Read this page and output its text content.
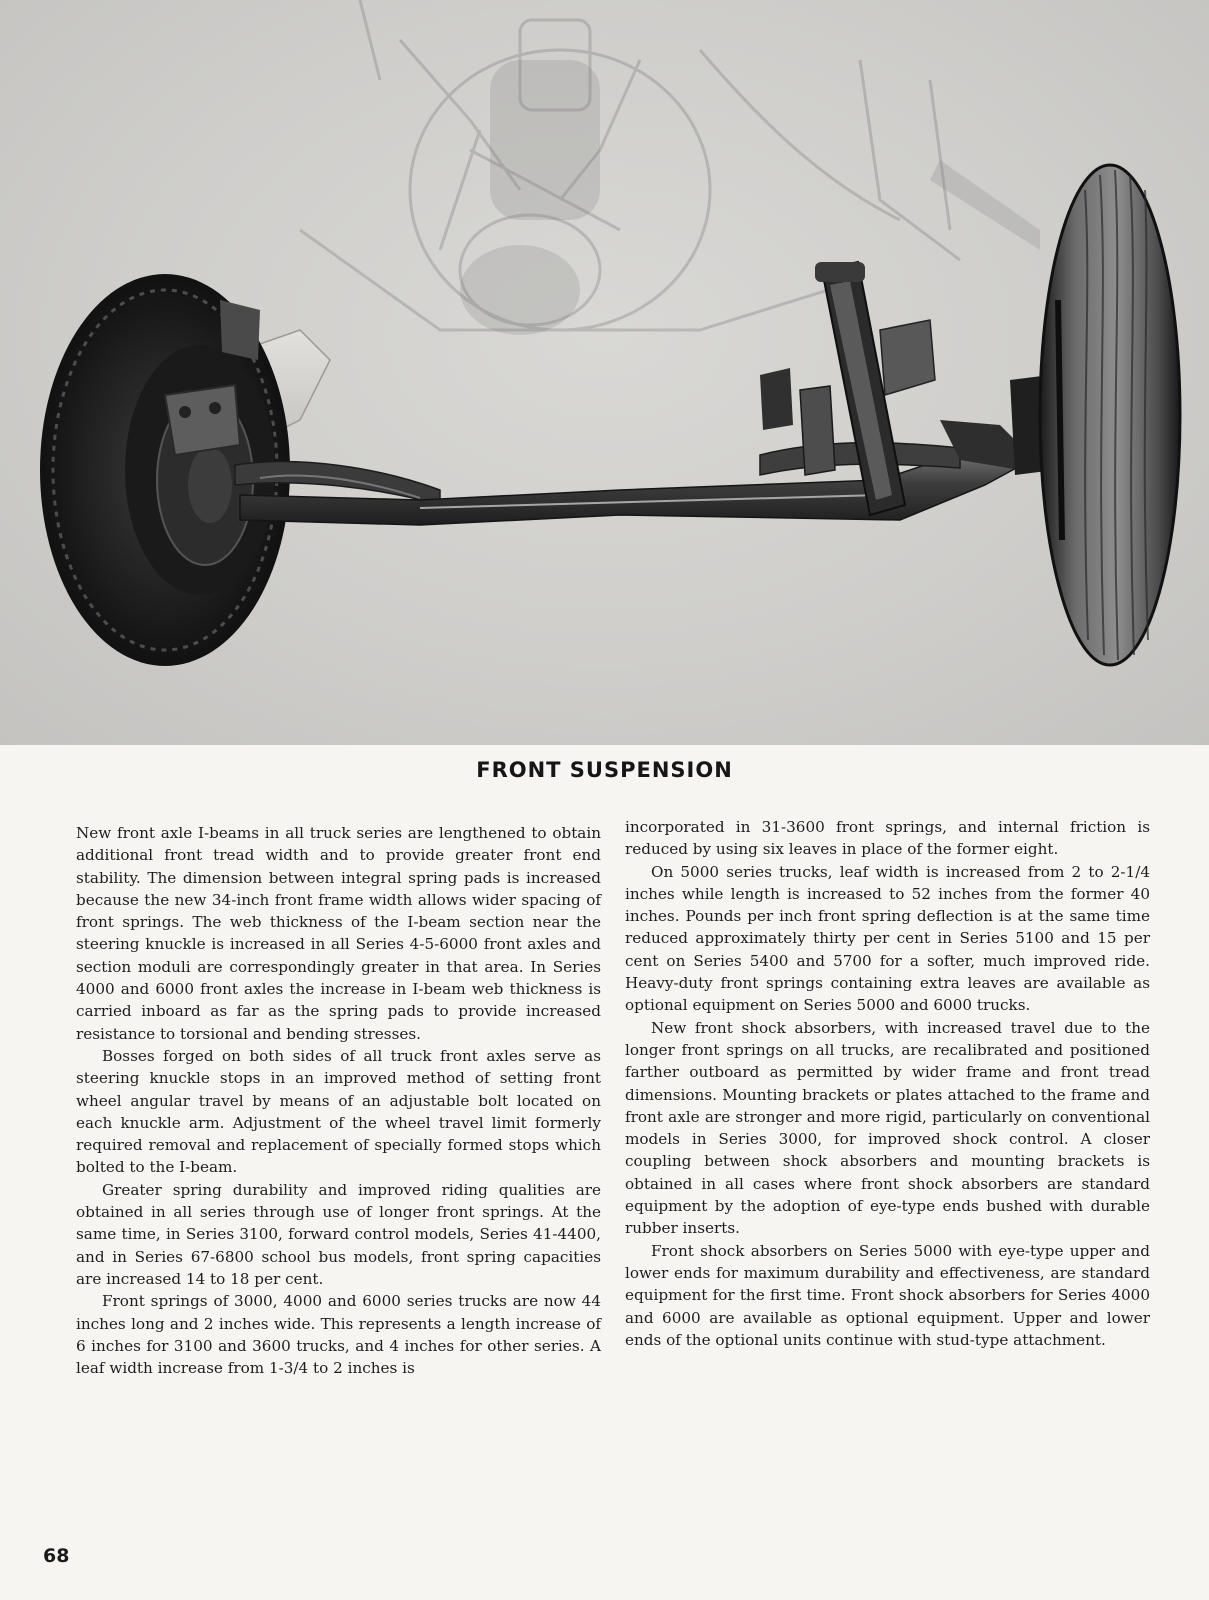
FRONT SUSPENSION

New front axle I-beams in all truck series are lengthened to obtain additional front tread width and to provide greater front end stability. The dimension between integral spring pads is increased because the new 34-inch front frame width allows wider spacing of front springs. The web thickness of the I-beam section near the steering knuckle is increased in all Series 4-5-6000 front axles and section moduli are correspondingly greater in that area. In Series 4000 and 6000 front axles the increase in I-beam web thickness is carried inboard as far as the spring pads to provide increased resistance to torsional and bending stresses.

Bosses forged on both sides of all truck front axles serve as steering knuckle stops in an improved method of setting front wheel angular travel by means of an adjustable bolt located on each knuckle arm. Adjustment of the wheel travel limit formerly required removal and replacement of specially formed stops which bolted to the I-beam.

Greater spring durability and improved riding qualities are obtained in all series through use of longer front springs. At the same time, in Series 3100, forward control models, Series 41-4400, and in Series 67-6800 school bus models, front spring capacities are increased 14 to 18 per cent.

Front springs of 3000, 4000 and 6000 series trucks are now 44 inches long and 2 inches wide. This represents a length increase of 6 inches for 3100 and 3600 trucks, and 4 inches for other series. A leaf width increase from 1-3/4 to 2 inches is

incorporated in 31-3600 front springs, and internal friction is reduced by using six leaves in place of the former eight.

On 5000 series trucks, leaf width is increased from 2 to 2-1/4 inches while length is increased to 52 inches from the former 40 inches. Pounds per inch front spring deflection is at the same time reduced approximately thirty per cent in Series 5100 and 15 per cent on Series 5400 and 5700 for a softer, much improved ride. Heavy-duty front springs containing extra leaves are available as optional equipment on Series 5000 and 6000 trucks.

New front shock absorbers, with increased travel due to the longer front springs on all trucks, are recalibrated and positioned farther outboard as permitted by wider frame and front tread dimensions. Mounting brackets or plates attached to the frame and front axle are stronger and more rigid, particularly on conventional models in Series 3000, for improved shock control. A closer coupling between shock absorbers and mounting brackets is obtained in all cases where front shock absorbers are standard equipment by the adoption of eye-type ends bushed with durable rubber inserts.

Front shock absorbers on Series 5000 with eye-type upper and lower ends for maximum durability and effectiveness, are standard equipment for the first time. Front shock absorbers for Series 4000 and 6000 are available as optional equipment. Upper and lower ends of the optional units continue with stud-type attachment.

68
